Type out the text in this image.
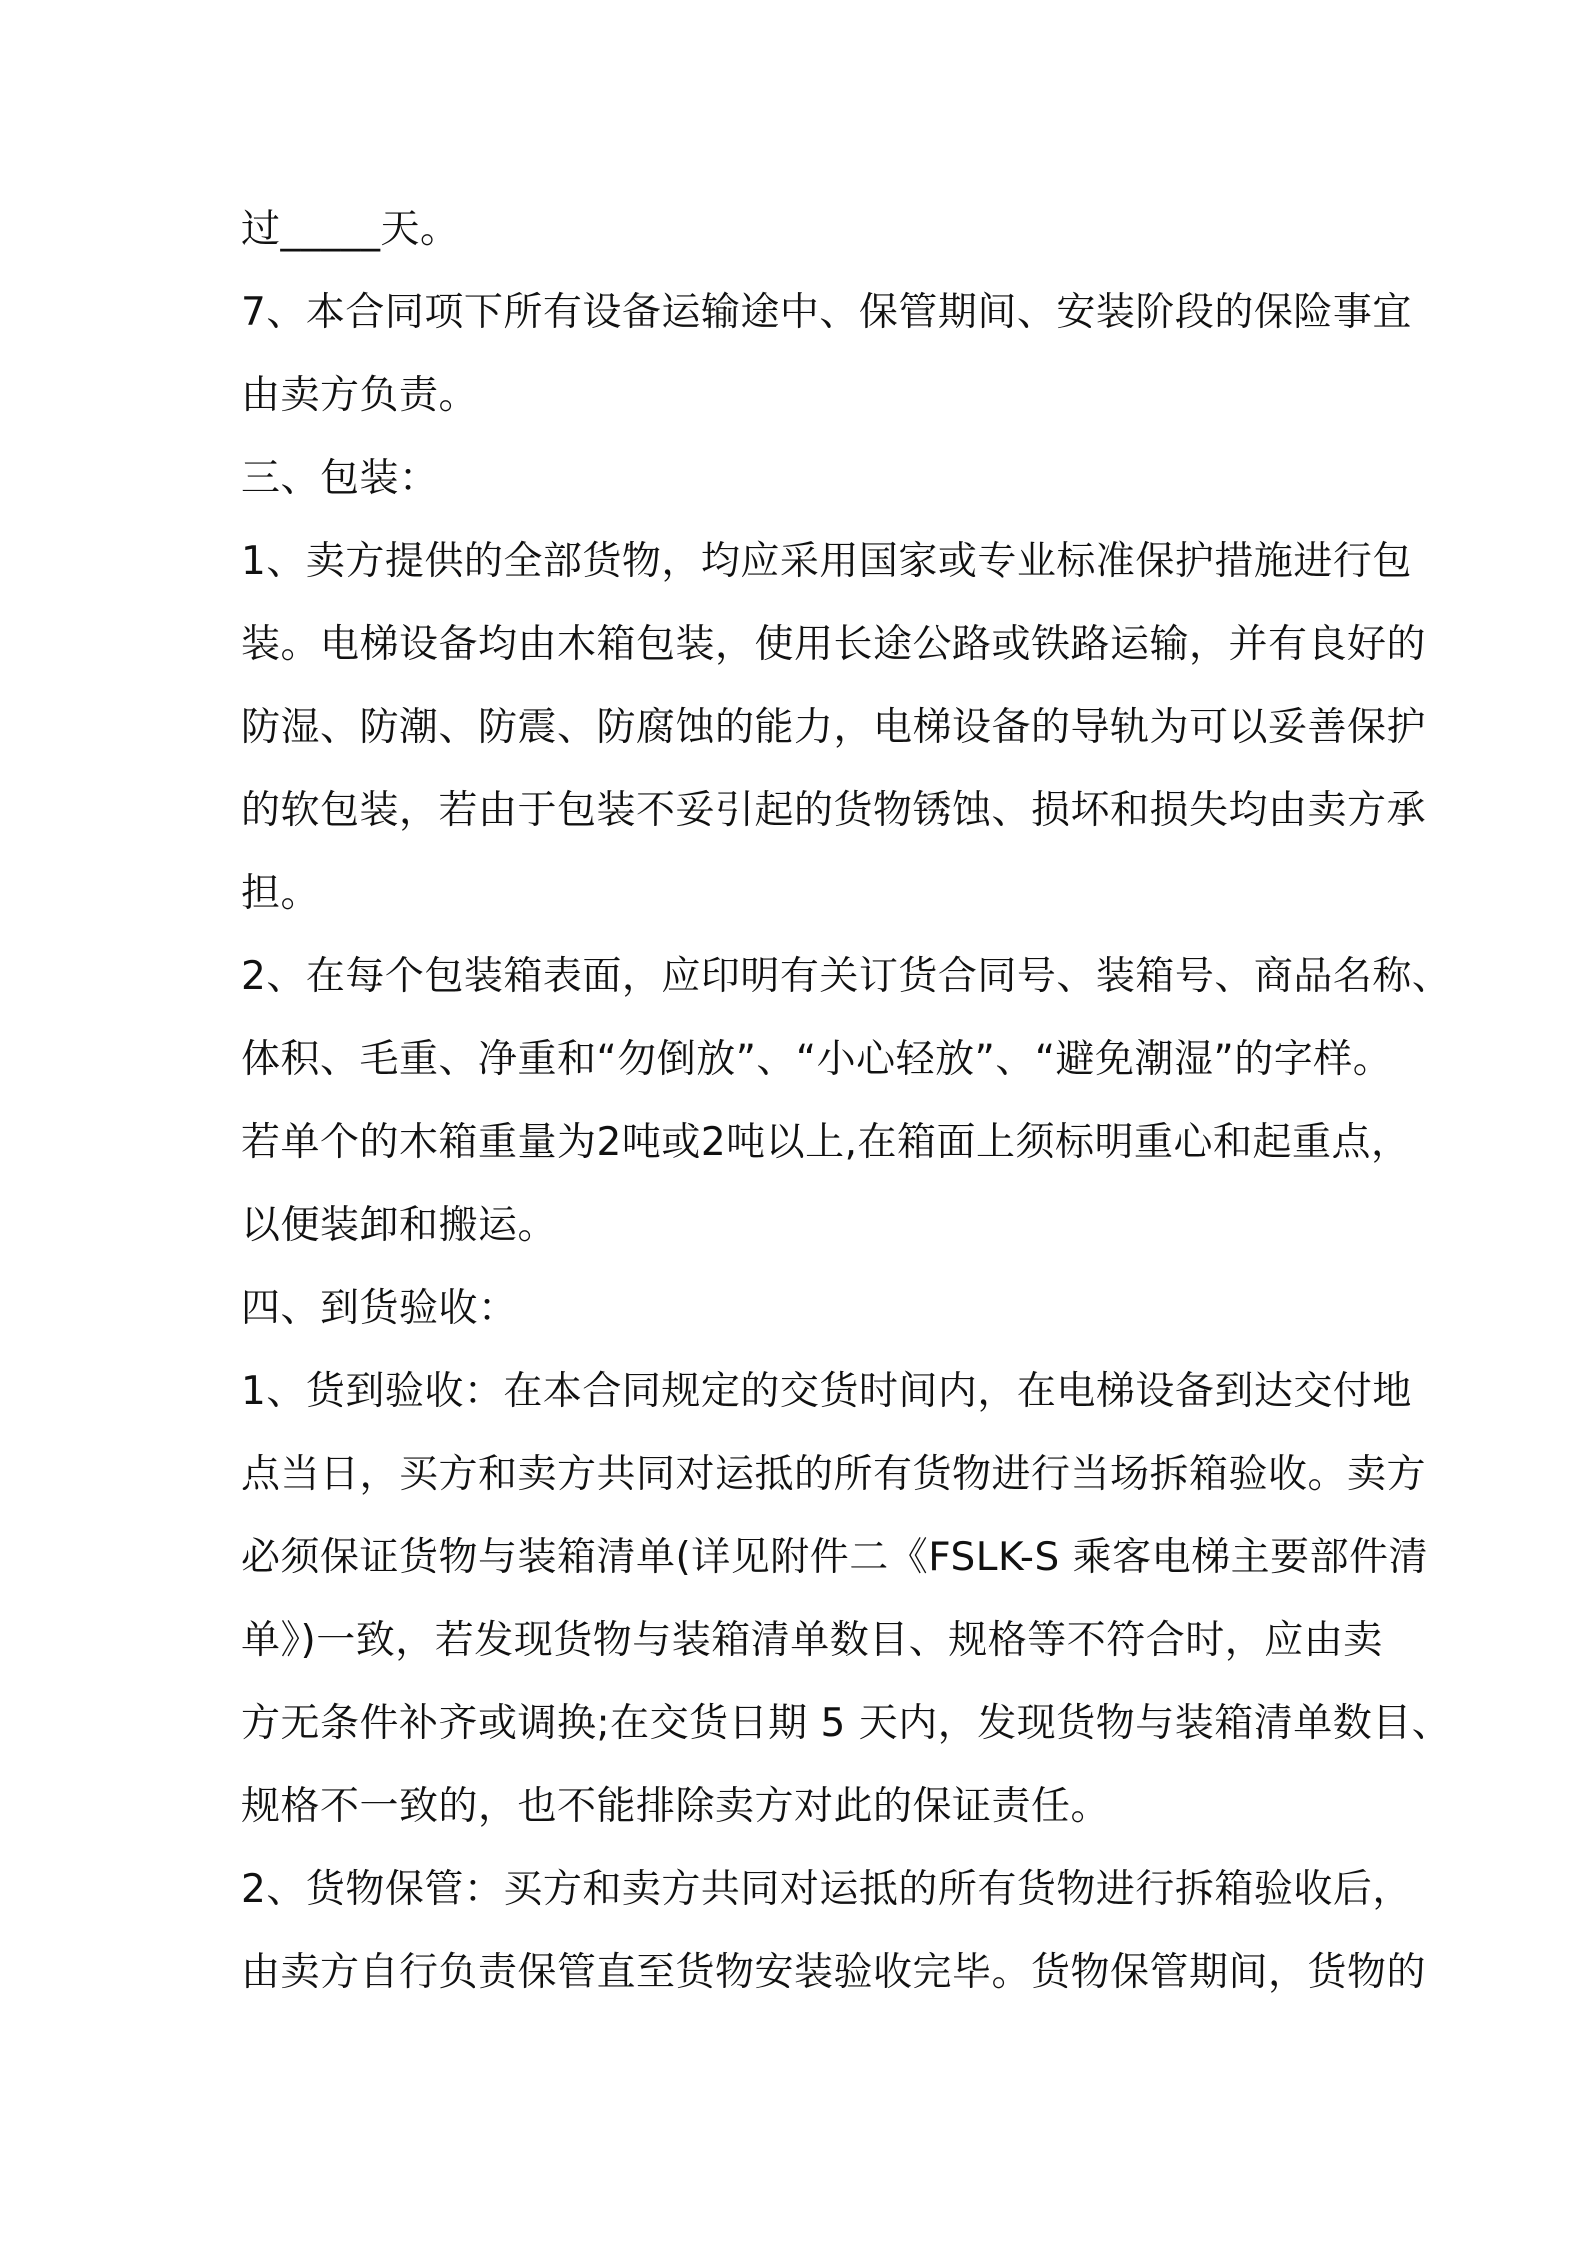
过_____天。
7、本合同项下所有设备运输途中、保管期间、安装阶段的保险事宜
由卖方负责。
三、包装：
1、卖方提供的全部货物，均应采用国家或专业标准保护措施进行包
装。电梯设备均由木箱包装，使用长途公路或铁路运输，并有良好的
防湿、防潮、防震、防腐蚀的能力，电梯设备的导轨为可以妥善保护
的软包装，若由于包装不妥引起的货物锈蚀、损坏和损失均由卖方承
担。
2、在每个包装箱表面，应印明有关订货合同号、装箱号、商品名称、
体积、毛重、净重和“勿倒放”、“小心轻放”、“避免潮湿”的字样。
若单个的木箱重量为2吨或2吨以上,在箱面上须标明重心和起重点，
以便装卸和搬运。
四、到货验收：
1、货到验收：在本合同规定的交货时间内，在电梯设备到达交付地
点当日，买方和卖方共同对运抵的所有货物进行当场拆箱验收。卖方
必须保证货物与装箱清单(详见附件二《FSLK-S 乘客电梯主要部件清
单》)一致，若发现货物与装箱清单数目、规格等不符合时，应由卖
方无条件补齐或调换;在交货日期 5 天内，发现货物与装箱清单数目、
规格不一致的，也不能排除卖方对此的保证责任。
2、货物保管：买方和卖方共同对运抵的所有货物进行拆箱验收后，
由卖方自行负责保管直至货物安装验收完毕。货物保管期间，货物的
